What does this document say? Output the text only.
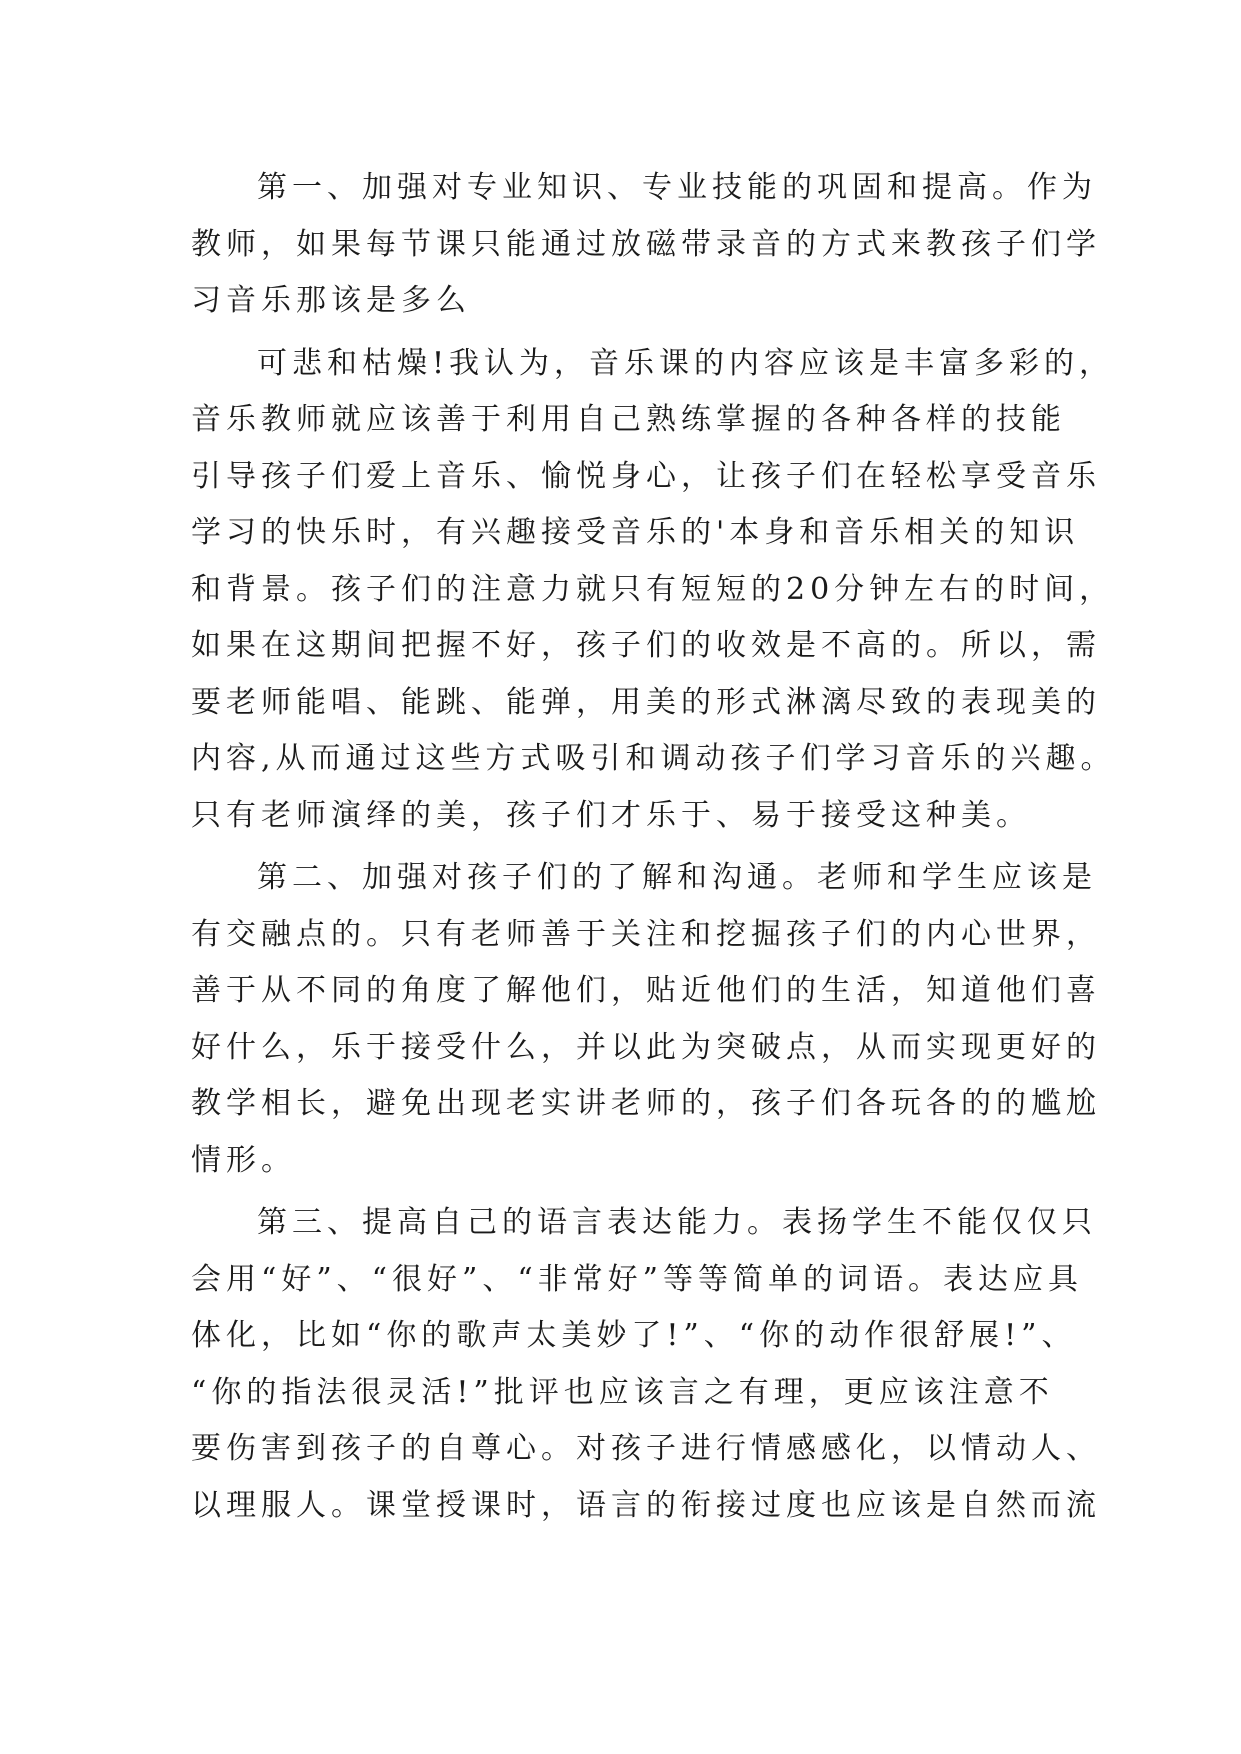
第一、加强对专业知识、专业技能的巩固和提高。作为
教师，如果每节课只能通过放磁带录音的方式来教孩子们学
习音乐那该是多么

可悲和枯燥!我认为，音乐课的内容应该是丰富多彩的，
音乐教师就应该善于利用自己熟练掌握的各种各样的技能
引导孩子们爱上音乐、愉悦身心，让孩子们在轻松享受音乐
学习的快乐时，有兴趣接受音乐的'本身和音乐相关的知识
和背景。孩子们的注意力就只有短短的20分钟左右的时间，
如果在这期间把握不好，孩子们的收效是不高的。所以，需
要老师能唱、能跳、能弹，用美的形式淋漓尽致的表现美的
内容,从而通过这些方式吸引和调动孩子们学习音乐的兴趣。
只有老师演绎的美，孩子们才乐于、易于接受这种美。

第二、加强对孩子们的了解和沟通。老师和学生应该是
有交融点的。只有老师善于关注和挖掘孩子们的内心世界，
善于从不同的角度了解他们，贴近他们的生活，知道他们喜
好什么，乐于接受什么，并以此为突破点，从而实现更好的
教学相长，避免出现老实讲老师的，孩子们各玩各的的尴尬
情形。

第三、提高自己的语言表达能力。表扬学生不能仅仅只
会用“好”、“很好”、“非常好”等等简单的词语。表达应具
体化，比如“你的歌声太美妙了!”、“你的动作很舒展!”、
“你的指法很灵活!”批评也应该言之有理，更应该注意不
要伤害到孩子的自尊心。对孩子进行情感感化，以情动人、
以理服人。课堂授课时，语言的衔接过度也应该是自然而流
